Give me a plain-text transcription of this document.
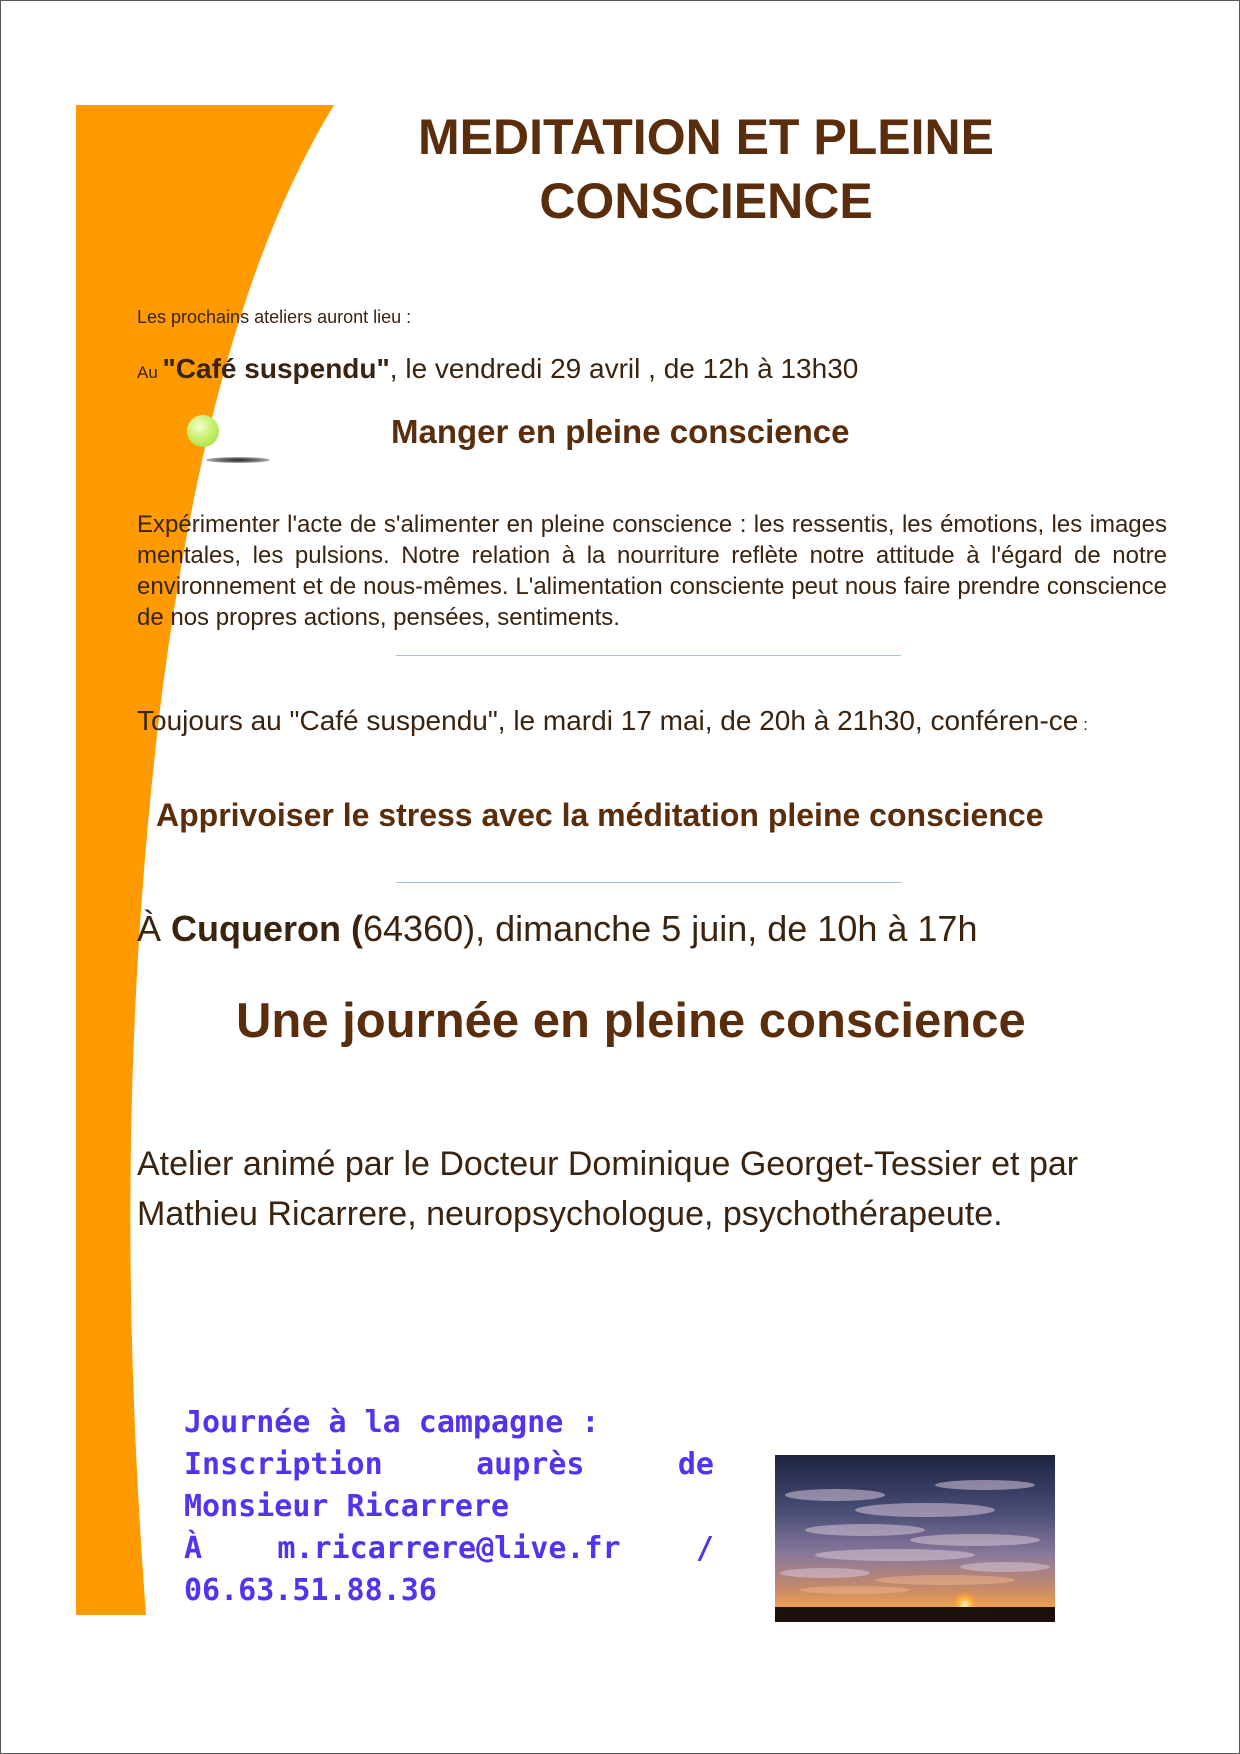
MEDITATION ET PLEINE
CONSCIENCE

Les prochains ateliers auront lieu :

Au "Café suspendu", le vendredi 29 avril , de 12h à 13h30

Manger en pleine conscience

Expérimenter l'acte de s'alimenter en pleine conscience : les ressentis, les émotions, les images mentales, les pulsions. Notre relation à la nourriture reflète notre attitude à l'égard de notre environnement et de nous-mêmes. L'alimentation consciente peut nous faire prendre conscience de nos propres actions, pensées, sentiments.

Toujours au "Café suspendu", le mardi 17 mai, de 20h à 21h30, conféren-ce :

Apprivoiser le stress avec la méditation pleine conscience

À Cuqueron (64360), dimanche 5 juin, de 10h à 17h

Une journée en pleine conscience

Atelier animé par le Docteur Dominique Georget-Tessier et par Mathieu Ricarrere, neuropsychologue, psychothérapeute.

Journée à la campagne :
Inscription auprès de Monsieur Ricarrere
À m.ricarrere@live.fr / 06.63.51.88.36
